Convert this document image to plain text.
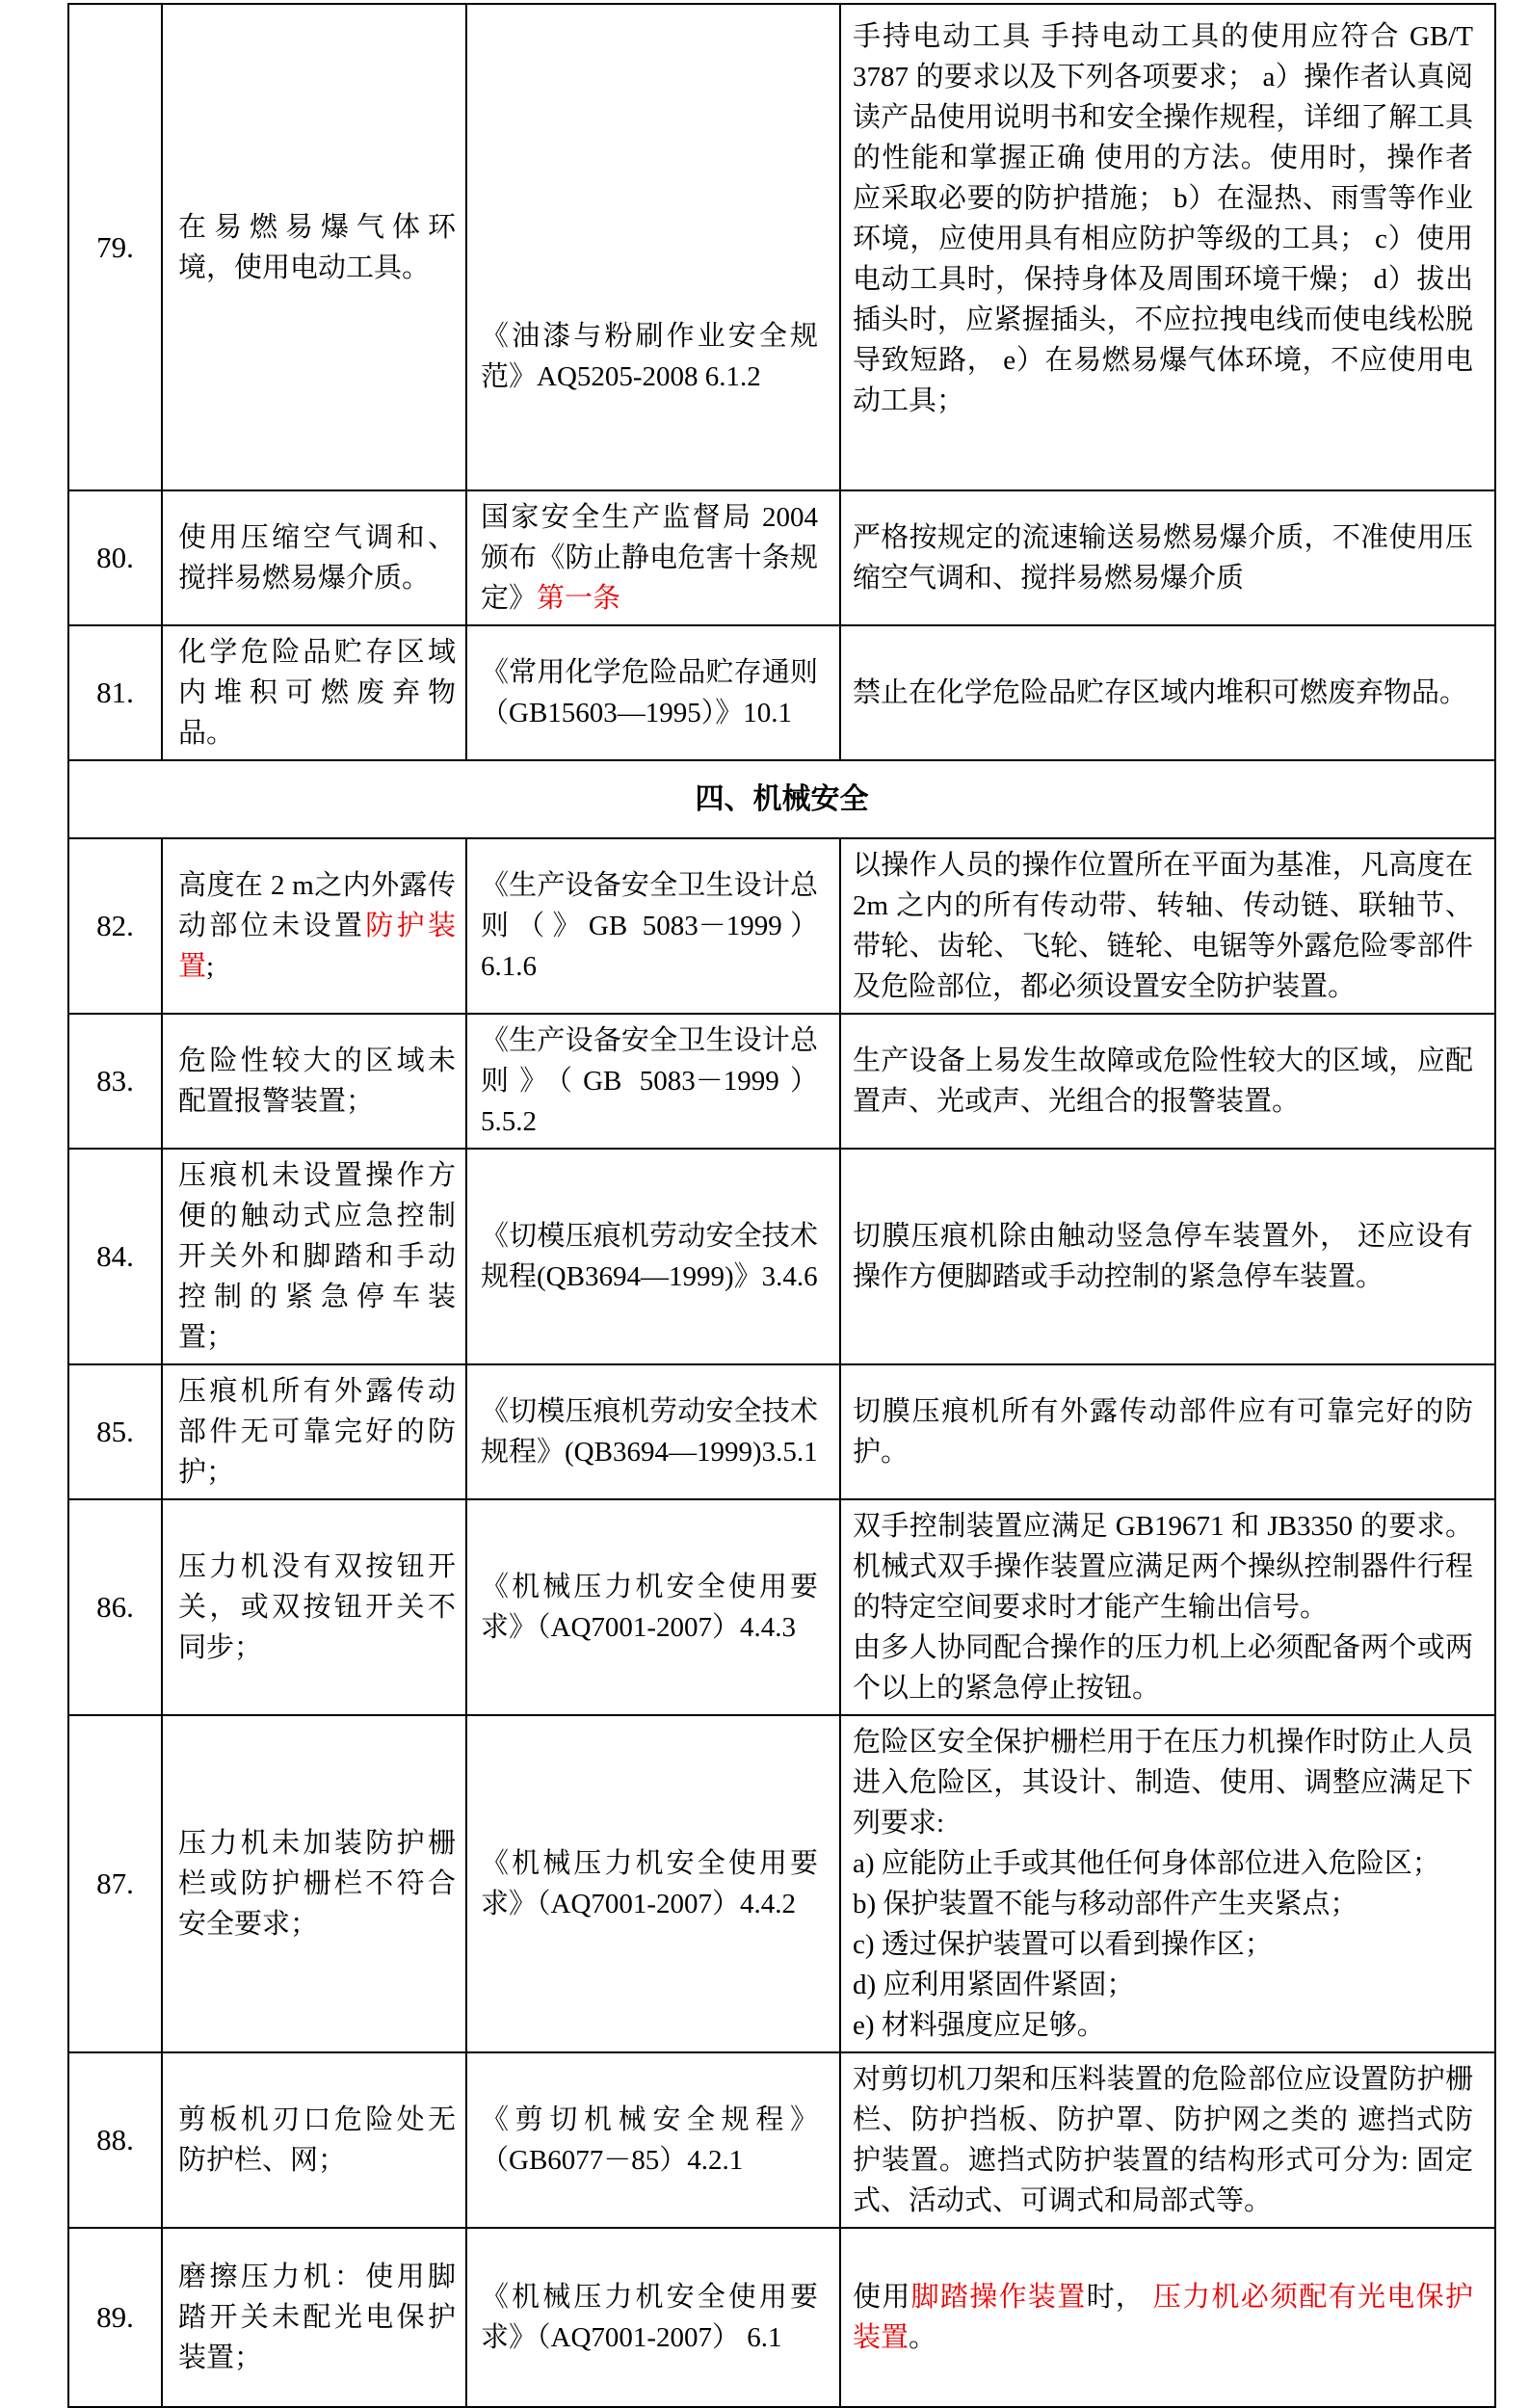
79.	在易燃易爆气体环境，使用电动工具。	《油漆与粉刷作业安全规范》AQ5205-2008 6.1.2	手持电动工具 手持电动工具的使用应符合 GB/T 3787 的要求以及下列各项要求； a）操作者认真阅读产品使用说明书和安全操作规程，详细了解工具的性能和掌握正确 使用的方法。使用时，操作者应采取必要的防护措施； b）在湿热、雨雪等作业环境，应使用具有相应防护等级的工具； c）使用电动工具时，保持身体及周围环境干燥； d）拔出插头时，应紧握插头，不应拉拽电线而使电线松脱导致短路， e）在易燃易爆气体环境，不应使用电动工具；
80.	使用压缩空气调和、搅拌易燃易爆介质。	国家安全生产监督局 2004 颁布《防止静电危害十条规定》第一条	严格按规定的流速输送易燃易爆介质，不准使用压缩空气调和、搅拌易燃易爆介质
81.	化学危险品贮存区域内堆积可燃废弃物品。	《常用化学危险品贮存通则（GB15603—1995）》10.1	禁止在化学危险品贮存区域内堆积可燃废弃物品。
四、机械安全			
82.	高度在 2 m之内外露传动部位未设置防护装置;	《生产设备安全卫生设计总则（》GB 5083－1999）6.1.6	以操作人员的操作位置所在平面为基准，凡高度在 2m 之内的所有传动带、转轴、传动链、联轴节、带轮、齿轮、飞轮、链轮、电锯等外露危险零部件及危险部位，都必须设置安全防护装置。
83.	危险性较大的区域未配置报警装置；	《生产设备安全卫生设计总则》（GB 5083－1999） 5.5.2	生产设备上易发生故障或危险性较大的区域，应配置声、光或声、光组合的报警装置。
84.	压痕机未设置操作方便的触动式应急控制开关外和脚踏和手动控制的紧急停车装置；	《切模压痕机劳动安全技术规程(QB3694—1999)》3.4.6	切膜压痕机除由触动竖急停车装置外， 还应设有操作方便脚踏或手动控制的紧急停车装置。
85.	压痕机所有外露传动部件无可靠完好的防护；	《切模压痕机劳动安全技术规程》(QB3694—1999)3.5.1	切膜压痕机所有外露传动部件应有可靠完好的防护。
86.	压力机没有双按钮开关，或双按钮开关不同步；	《机械压力机安全使用要求》（AQ7001-2007）4.4.3	双手控制装置应满足 GB19671 和 JB3350 的要求。机械式双手操作装置应满足两个操纵控制器件行程的特定空间要求时才能产生输出信号。
由多人协同配合操作的压力机上必须配备两个或两个以上的紧急停止按钮。

87.	压力机未加装防护栅栏或防护栅栏不符合安全要求；	《机械压力机安全使用要求》（AQ7001-2007）4.4.2	
危险区安全保护栅栏用于在压力机操作时防止人员进入危险区，其设计、制造、使用、调整应满足下列要求:
a) 应能防止手或其他任何身体部位进入危险区；
b) 保护装置不能与移动部件产生夹紧点；
c) 透过保护装置可以看到操作区；
d) 应利用紧固件紧固；
e) 材料强度应足够。

88.	剪板机刃口危险处无防护栏、网；	《剪切机械安全规程》（GB6077－85）4.2.1	对剪切机刀架和压料装置的危险部位应设置防护栅栏、防护挡板、防护罩、防护网之类的 遮挡式防护装置。遮挡式防护装置的结构形式可分为: 固定式、活动式、可调式和局部式等。
89.	磨擦压力机：使用脚踏开关未配光电保护装置；	《机械压力机安全使用要求》（AQ7001-2007） 6.1	使用脚踏操作装置时， 压力机必须配有光电保护装置。
